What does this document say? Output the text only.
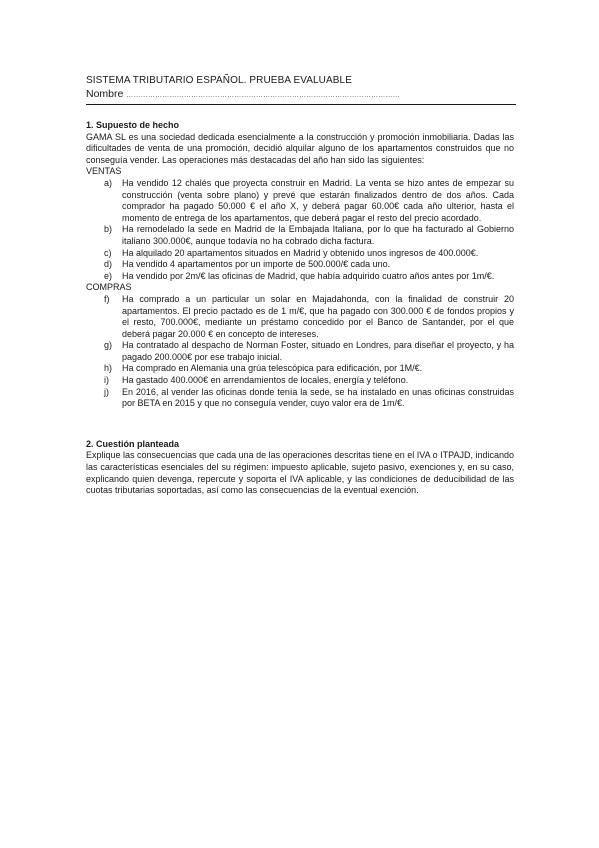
SISTEMA TRIBUTARIO ESPAÑOL. PRUEBA EVALUABLE
Nombre ……………………………………………………………………………………………………
1. Supuesto de hecho

GAMA SL es una sociedad dedicada esencialmente a la construcción y promoción inmobiliaria. Dadas las dificultades de venta de una promoción, decidió alquilar alguno de los apartamentos construidos que no conseguía vender. Las operaciones más destacadas del año han sido las siguientes:

VENTAS
a) Ha vendido 12 chalés que proyecta construir en Madrid. La venta se hizo antes de empezar su construcción (venta sobre plano) y prevé que estarán finalizados dentro de dos años. Cada comprador ha pagado 50.000 € el año X, y deberá pagar 60.00€ cada año ulterior, hasta el momento de entrega de los apartamentos, que deberá pagar el resto del precio acordado.
b) Ha remodelado la sede en Madrid de la Embajada Italiana, por lo que ha facturado al Gobierno italiano 300.000€, aunque todavía no ha cobrado dicha factura.
c) Ha alquilado 20 apartamentos situados en Madrid y obtenido unos ingresos de 400.000€.
d) Ha vendido 4 apartamentos por un importe de 500.000/€ cada uno.
e) Ha vendido por 2m/€ las oficinas de Madrid, que había adquirido cuatro años antes por 1m/€.
COMPRAS
f) Ha comprado a un particular un solar en Majadahonda, con la finalidad de construir 20 apartamentos. El precio pactado es de 1 m/€, que ha pagado con 300.000 € de fondos propios y el resto, 700.000€, mediante un préstamo concedido por el Banco de Santander, por el que deberá pagar 20.000 € en concepto de intereses.
g) Ha contratado al despacho de Norman Foster, situado en Londres, para diseñar el proyecto, y ha pagado 200.000€ por ese trabajo inicial.
h) Ha comprado en Alemania una grúa telescópica para edificación, por 1M/€.
i) Ha gastado 400.000€ en arrendamientos de locales, energía y teléfono.
j) En 2016, al vender las oficinas donde tenía la sede, se ha instalado en unas oficinas construidas por BETA en 2015 y que no conseguía vender, cuyo valor era de 1m/€.
2. Cuestión planteada

Explique las consecuencias que cada una de las operaciones descritas tiene en el IVA o ITPAJD, indicando las características esenciales del su régimen: impuesto aplicable, sujeto pasivo, exenciones y, en su caso, explicando quien devenga, repercute y soporta el IVA aplicable, y las condiciones de deducibilidad de las cuotas tributarias soportadas, así como las consecuencias de la eventual exención.
